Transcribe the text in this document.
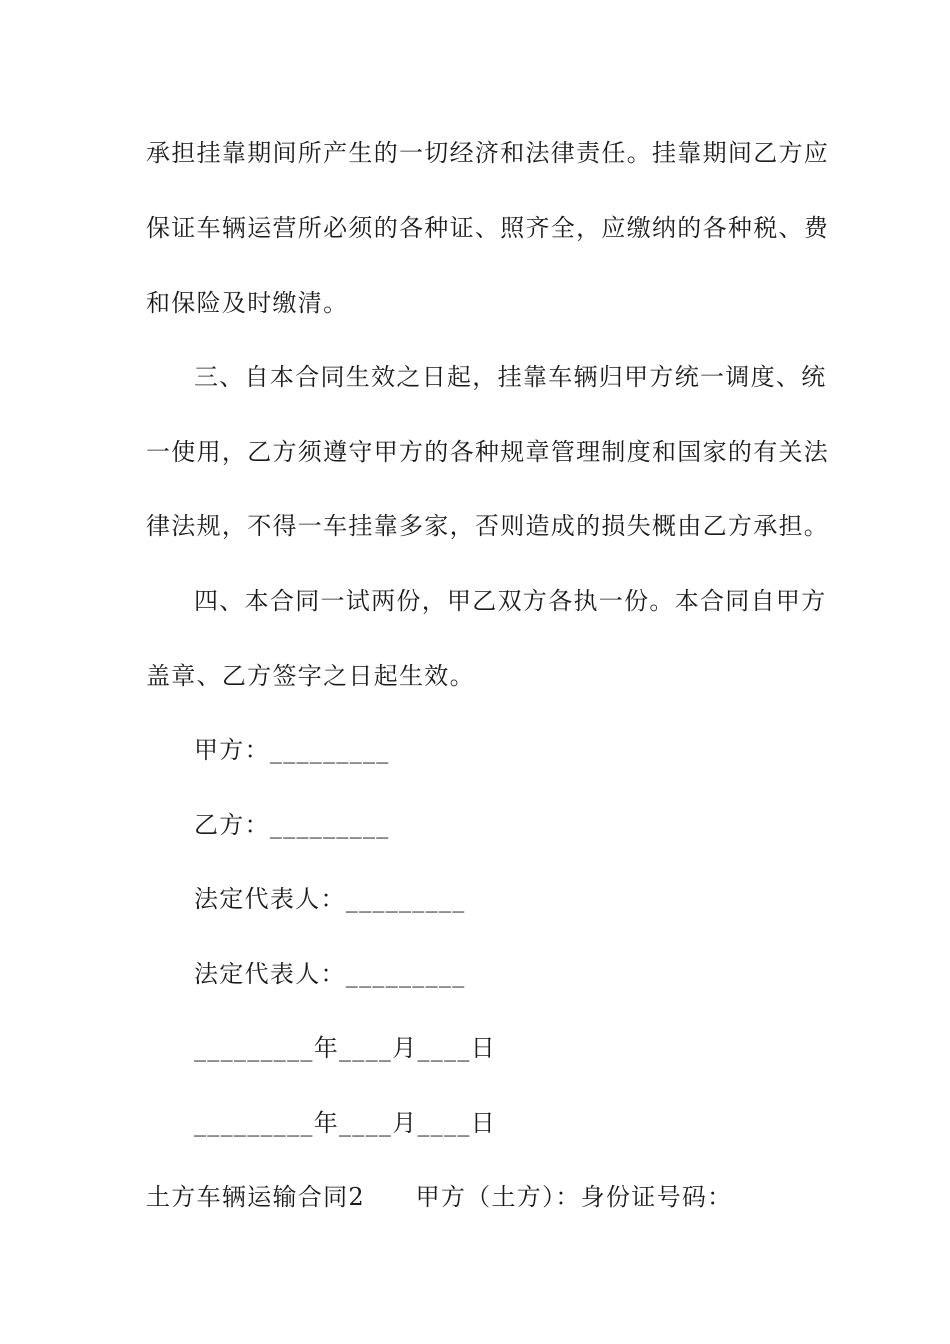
承担挂靠期间所产生的一切经济和法律责任。挂靠期间乙方应
保证车辆运营所必须的各种证、照齐全，应缴纳的各种税、费
和保险及时缴清。
三、自本合同生效之日起，挂靠车辆归甲方统一调度、统
一使用，乙方须遵守甲方的各种规章管理制度和国家的有关法
律法规，不得一车挂靠多家，否则造成的损失概由乙方承担。
四、本合同一试两份，甲乙双方各执一份。本合同自甲方
盖章、乙方签字之日起生效。
甲方：_________
乙方：_________
法定代表人：_________
法定代表人：_________
_________年____月____日
_________年____月____日
土方车辆运输合同2　　甲方（土方）：身份证号码：
